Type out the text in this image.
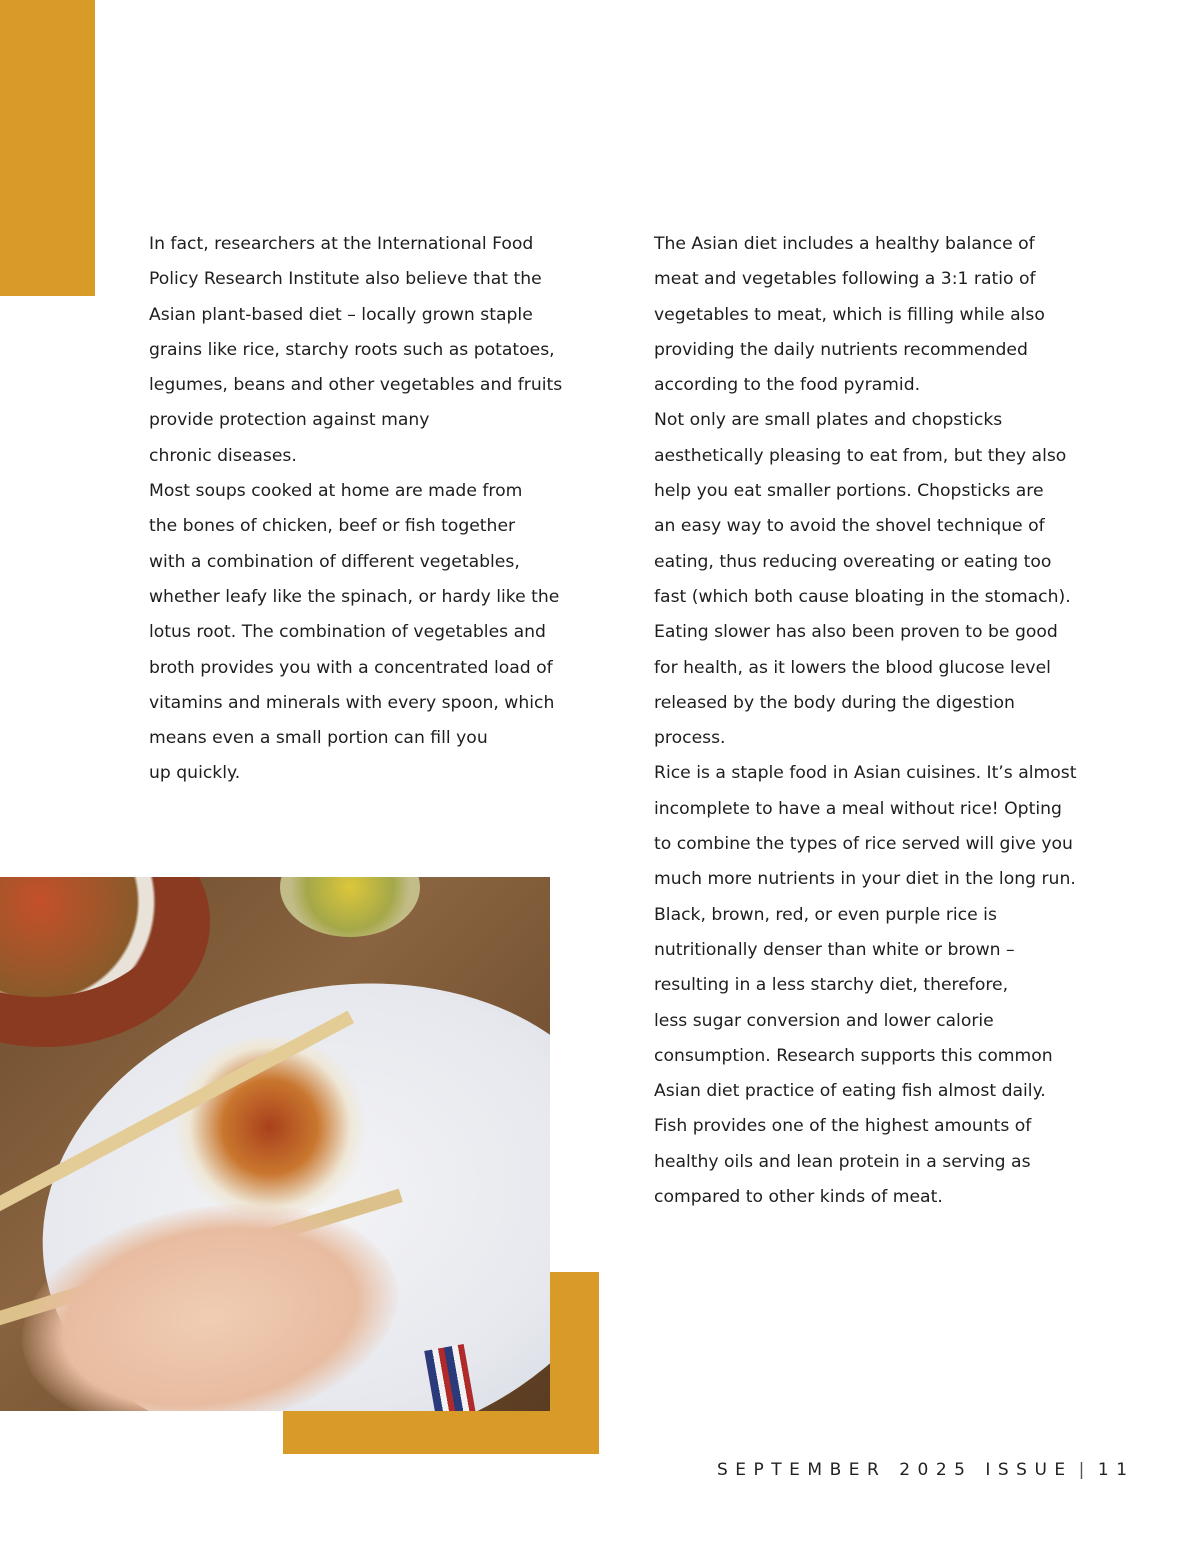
In fact, researchers at the International Food
Policy Research Institute also believe that the
Asian plant-based diet – locally grown staple
grains like rice, starchy roots such as potatoes,
legumes, beans and other vegetables and fruits
provide protection against many
chronic diseases.
Most soups cooked at home are made from
the bones of chicken, beef or fish together
with a combination of different vegetables,
whether leafy like the spinach, or hardy like the
lotus root. The combination of vegetables and
broth provides you with a concentrated load of
vitamins and minerals with every spoon, which
means even a small portion can fill you
up quickly.
The Asian diet includes a healthy balance of
meat and vegetables following a 3:1 ratio of
vegetables to meat, which is filling while also
providing the daily nutrients recommended
according to the food pyramid.
Not only are small plates and chopsticks
aesthetically pleasing to eat from, but they also
help you eat smaller portions. Chopsticks are
an easy way to avoid the shovel technique of
eating, thus reducing overeating or eating too
fast (which both cause bloating in the stomach).
Eating slower has also been proven to be good
for health, as it lowers the blood glucose level
released by the body during the digestion
process.
Rice is a staple food in Asian cuisines. It’s almost
incomplete to have a meal without rice! Opting
to combine the types of rice served will give you
much more nutrients in your diet in the long run.
Black, brown, red, or even purple rice is
nutritionally denser than white or brown –
resulting in a less starchy diet, therefore,
less sugar conversion and lower calorie
consumption. Research supports this common
Asian diet practice of eating fish almost daily.
Fish provides one of the highest amounts of
healthy oils and lean protein in a serving as
compared to other kinds of meat.
SEPTEMBER 2025 ISSUE | 11
